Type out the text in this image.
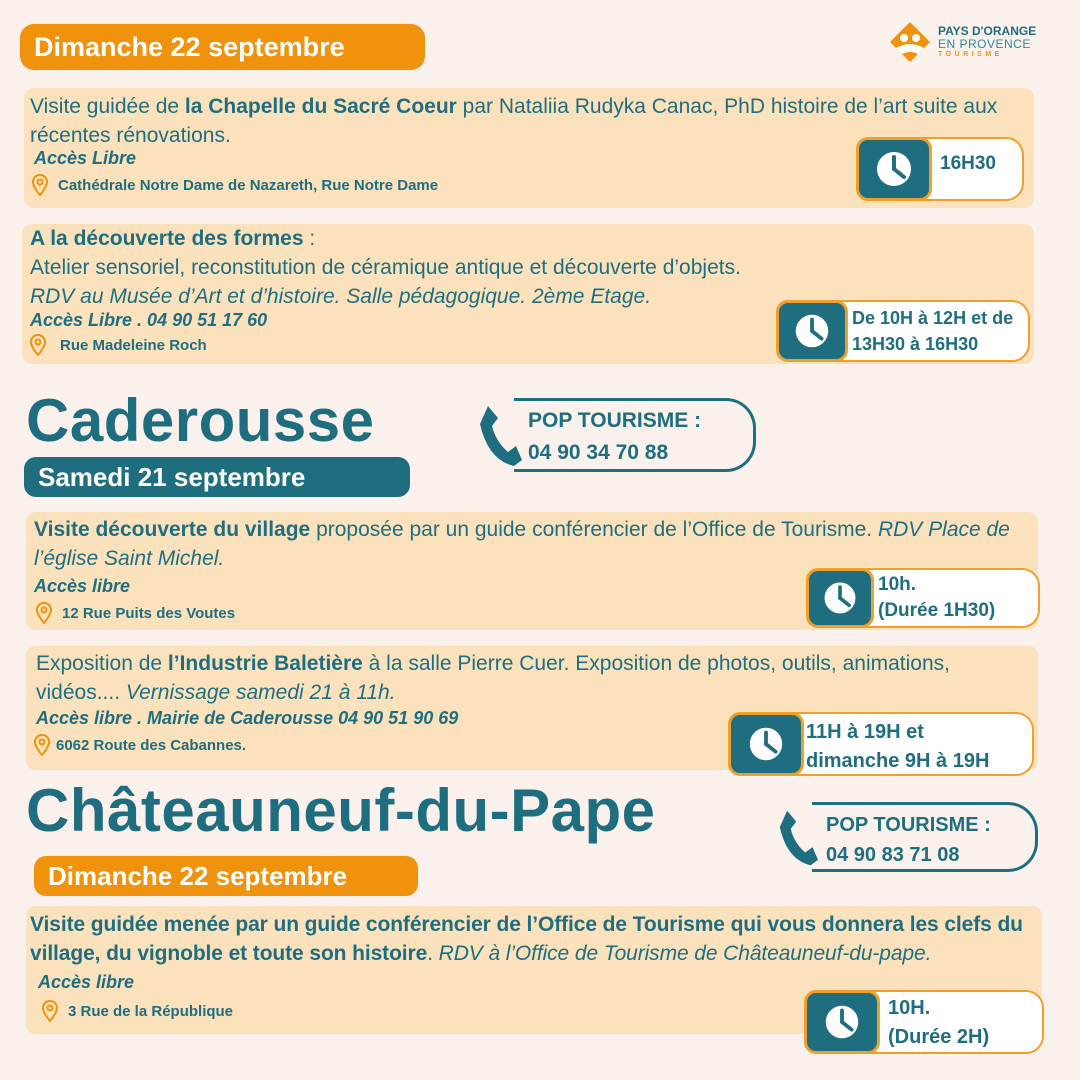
PAYS D'ORANGE
EN PROVENCE
TOURISME
Dimanche 22 septembre
Visite guidée de la Chapelle du Sacré Coeur par Nataliia Rudyka Canac, PhD histoire de l’art suite aux récentes rénovations.
Accès Libre
Cathédrale Notre Dame de Nazareth, Rue Notre Dame
16H30
A la découverte des formes :
Atelier sensoriel, reconstitution de céramique antique et découverte d’objets.
RDV au Musée d’Art et d’histoire. Salle pédagogique. 2ème Etage.
Accès Libre . 04 90 51 17 60
Rue Madeleine Roch
De 10H à 12H et de
13H30 à 16H30
Caderousse	POP TOURISME :
04 90 34 70 88
Samedi 21 septembre
Visite découverte du village proposée par un guide conférencier de l’Office de Tourisme. RDV Place de l’église Saint Michel.
Accès libre
12 Rue Puits des Voutes
10h.
(Durée 1H30)
Exposition de l’Industrie Baletière à la salle Pierre Cuer. Exposition de photos, outils, animations, vidéos.... Vernissage samedi 21 à 11h.
Accès libre . Mairie de Caderousse 04 90 51 90 69
6062 Route des Cabannes.
11H à 19H et
dimanche 9H à 19H
Châteauneuf-du-Pape	POP TOURISME :
04 90 83 71 08
Dimanche 22 septembre
Visite guidée menée par un guide conférencier de l’Office de Tourisme qui vous donnera les clefs du village, du vignoble et toute son histoire. RDV à l’Office de Tourisme de Châteauneuf-du-pape.
Accès libre
3 Rue de la République	10H.
(Durée 2H)
